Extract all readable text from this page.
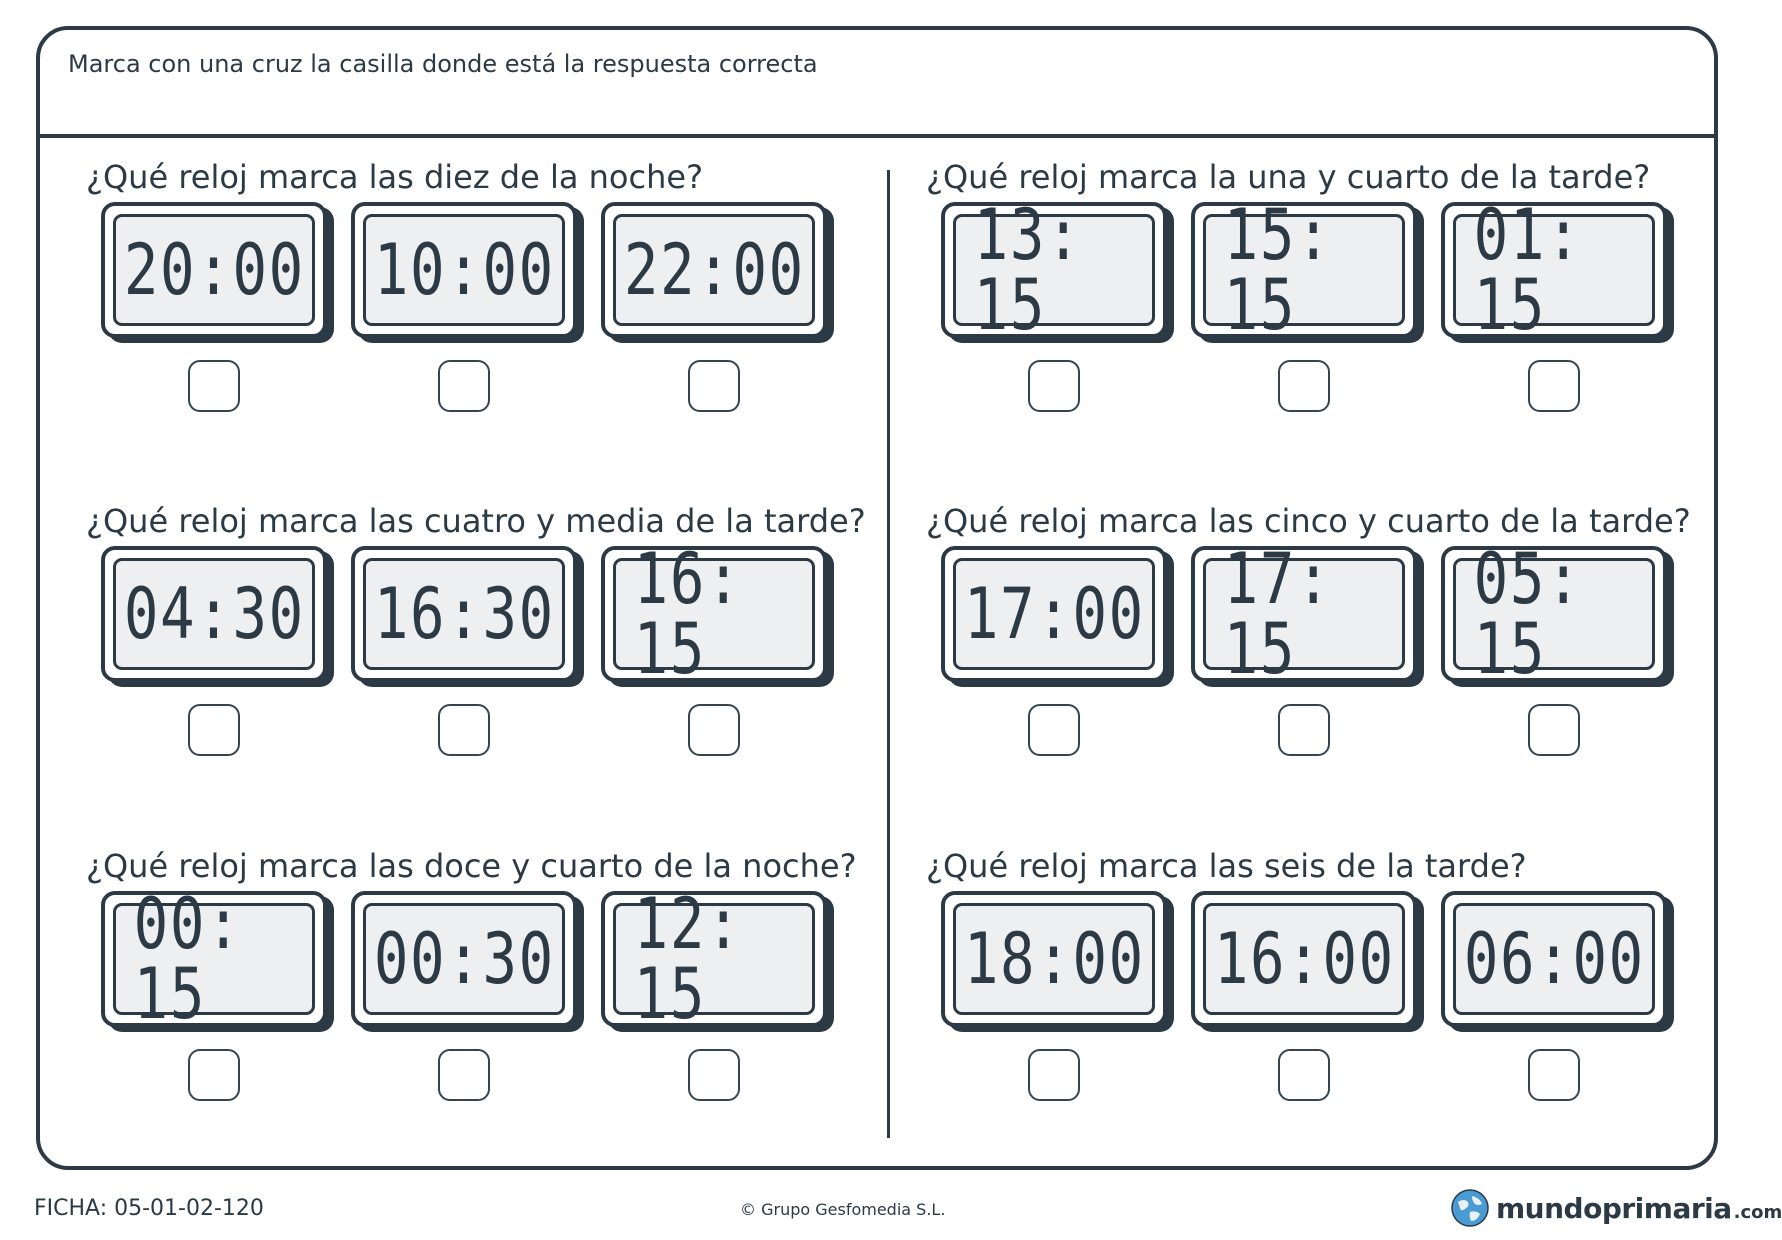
Marca con una cruz la casilla donde está la respuesta correcta
¿Qué reloj marca las diez de la noche?
20:00 10:00 22:00
¿Qué reloj marca las cuatro y media de la tarde?
04:30 16:30 16: 15
¿Qué reloj marca las doce y cuarto de la noche?
00: 15	00:30 12: 15
¿Qué reloj marca la una y cuarto de la tarde?
13: 15
15: 15
01: 15
¿Qué reloj marca las cinco y cuarto de la tarde?
17:00 17: 15
05: 15
¿Qué reloj marca las seis de la tarde?
18:00 16:00 06:00
FICHA: 05-01-02-120	© Grupo Gesfomedia S.L.	mundoprimaria .com
